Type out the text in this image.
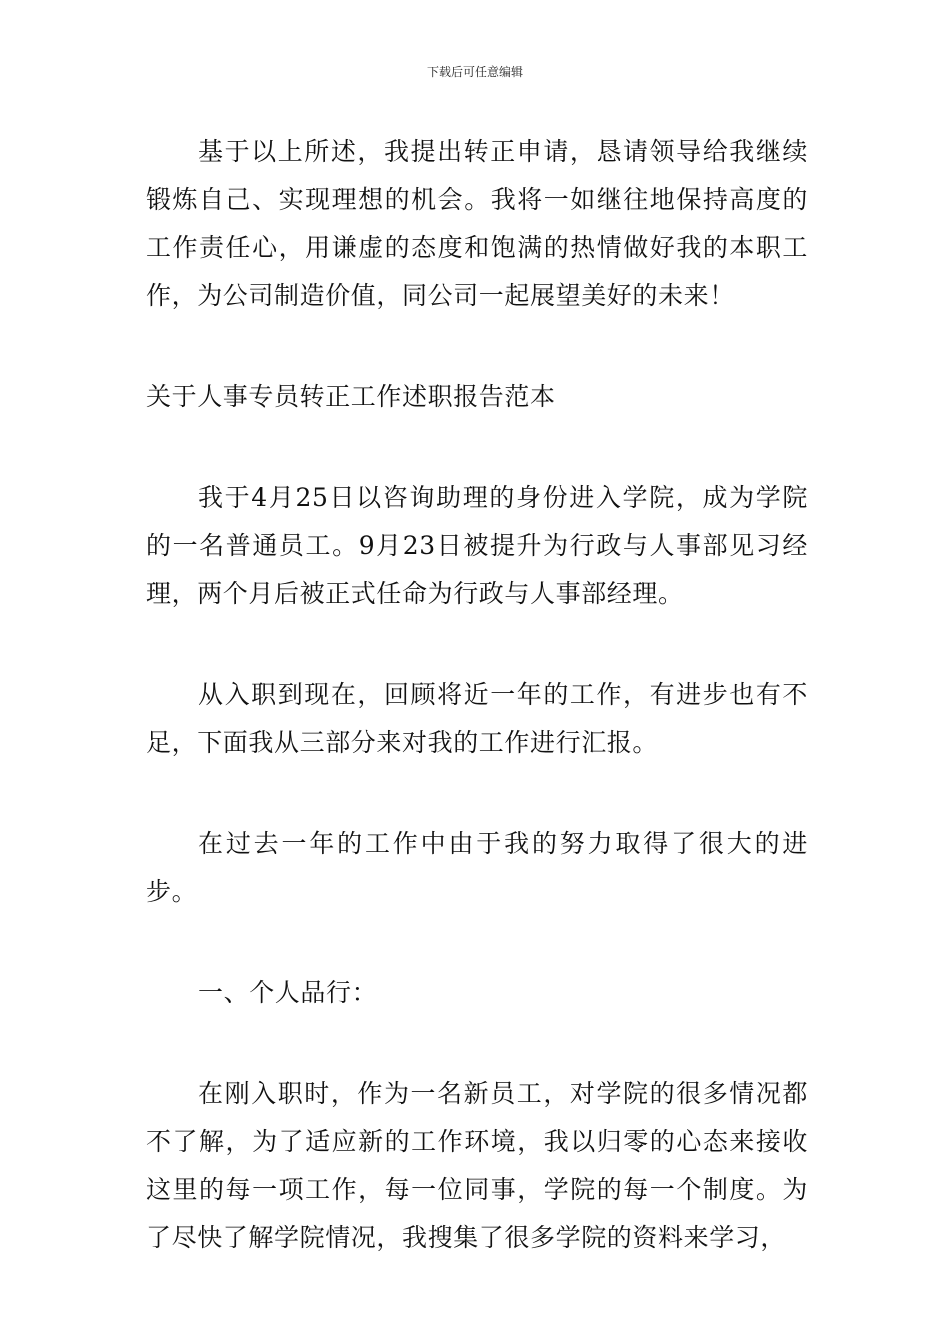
下载后可任意编辑

基于以上所述，我提出转正申请，恳请领导给我继续锻炼自己、实现理想的机会。我将一如继往地保持高度的工作责任心，用谦虚的态度和饱满的热情做好我的本职工作，为公司制造价值，同公司一起展望美好的未来！

关于人事专员转正工作述职报告范本

我于4月25日以咨询助理的身份进入学院，成为学院的一名普通员工。9月23日被提升为行政与人事部见习经理，两个月后被正式任命为行政与人事部经理。

从入职到现在，回顾将近一年的工作，有进步也有不足，下面我从三部分来对我的工作进行汇报。

在过去一年的工作中由于我的努力取得了很大的进步。

一、个人品行：

在刚入职时，作为一名新员工，对学院的很多情况都不了解，为了适应新的工作环境，我以归零的心态来接收这里的每一项工作，每一位同事，学院的每一个制度。为了尽快了解学院情况，我搜集了很多学院的资料来学习，
